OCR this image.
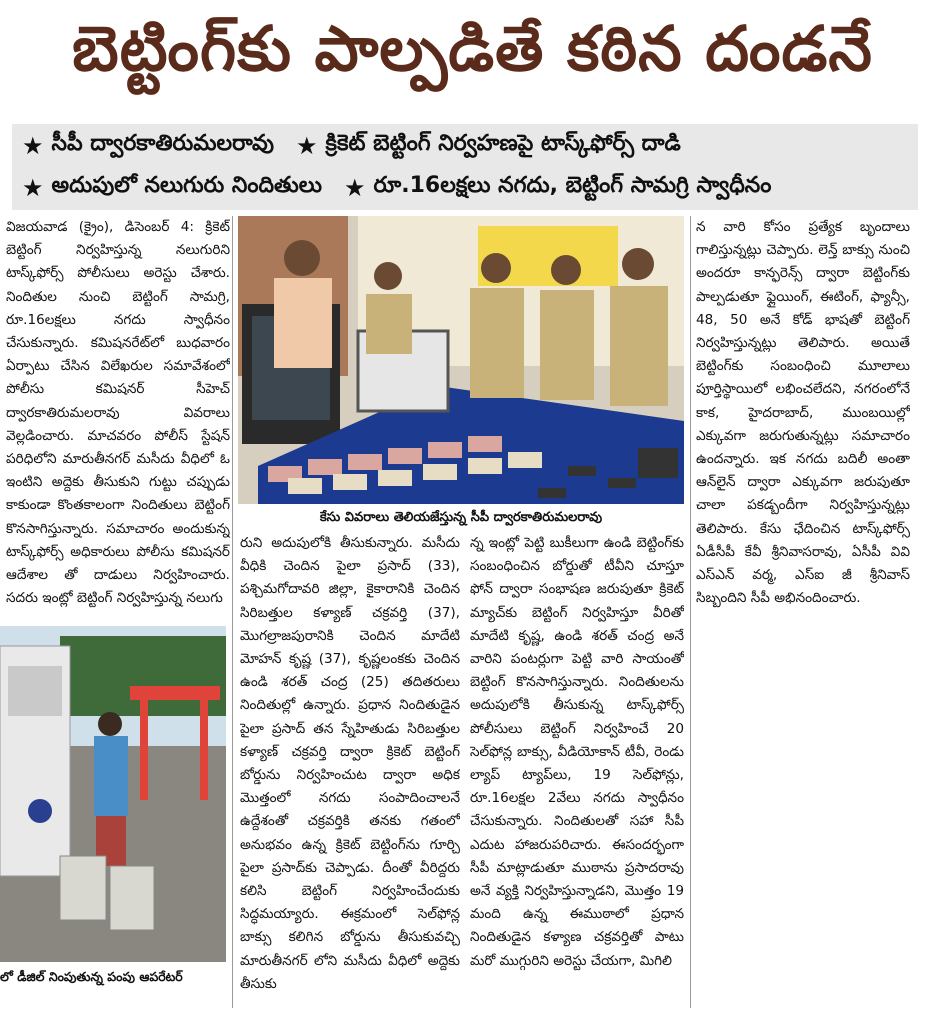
బెట్టింగ్‌కు పాల్పడితే కఠిన దండనే
★ సీపీ ద్వారకాతిరుమలరావు ★ క్రికెట్ బెట్టింగ్ నిర్వహణపై టాస్క్‌ఫోర్స్ దాడి
★ అదుపులో నలుగురు నిందితులు ★ రూ.16లక్షలు నగదు, బెట్టింగ్ సామగ్రి స్వాధీనం
విజయవాడ (క్రైం), డిసెంబర్ 4: క్రికెట్ బెట్టింగ్ నిర్వహిస్తున్న నలుగురిని టాస్క్‌ఫోర్స్ పోలీసులు అరెస్టు చేశారు. నిందితుల నుంచి బెట్టింగ్ సామగ్రి, రూ.16లక్షలు నగదు స్వాధీనం చేసుకున్నారు. కమిషనరేట్‌లో బుధవారం ఏర్పాటు చేసిన విలేఖరుల సమావేశంలో పోలీసు కమిషనర్ సీహెచ్ ద్వారకాతిరుమలరావు వివరాలు వెల్లడించారు. మాచవరం పోలీస్ స్టేషన్ పరిధిలోని మారుతీనగర్ మసీదు వీధిలో ఓ ఇంటిని అద్దెకు తీసుకుని గుట్టు చప్పుడు కాకుండా కొంతకాలంగా నిందితులు బెట్టింగ్ కొనసాగిస్తున్నారు. సమాచారం అందుకున్న టాస్క్‌ఫోర్స్ అధికారులు పోలీసు కమిషనర్ ఆదేశాల తో దాడులు నిర్వహించారు. సదరు ఇంట్లో బెట్టింగ్ నిర్వహిస్తున్న నలుగు
కేసు వివరాలు తెలియజేస్తున్న సీపీ ద్వారకాతిరుమలరావు
రుని అదుపులోకి తీసుకున్నారు. మసీదు వీధికి చెందిన పైలా ప్రసాద్ (33), పశ్చిమగోదావరి జిల్లా, కైకారానికి చెందిన సిరిబత్తుల కళ్యాణ్ చక్రవర్తి (37), మొగల్రాజపురానికి చెందిన మాదేటి మోహన్ కృష్ణ (37), కృష్ణలంకకు చెందిన ఉండి శరత్ చంద్ర (25) తదితరులు నిందితుల్లో ఉన్నారు. ప్రధాన నిందితుడైన పైలా ప్రసాద్ తన స్నేహితుడు సిరిబత్తుల కళ్యాణ్ చక్రవర్తి ద్వారా క్రికెట్ బెట్టింగ్ బోర్డును నిర్వహించుట ద్వారా అధిక మొత్తంలో నగదు సంపాదించాలనే ఉద్దేశంతో చక్రవర్తికి తనకు గతంలో అనుభవం ఉన్న క్రికెట్ బెట్టింగ్‌ను గూర్చి పైలా ప్రసాద్‌కు చెప్పాడు. దీంతో వీరిద్దరు కలిసి బెట్టింగ్ నిర్వహించేందుకు సిద్ధమయ్యారు. ఈక్రమంలో సెల్‌ఫోన్ల బాక్సు కలిగిన బోర్డును తీసుకువచ్చి మారుతీనగర్ లోని మసీదు వీధిలో అద్దెకు తీసుకు
న్న ఇంట్లో పెట్టి బుకీలుగా ఉండి బెట్టింగ్‌కు సంబంధించిన బోర్డుతో టీవీని చూస్తూ ఫోన్ ద్వారా సంభాషణ జరుపుతూ క్రికెట్ మ్యాచ్‌కు బెట్టింగ్ నిర్వహిస్తూ వీరితో మాదేటి కృష్ణ, ఉండి శరత్ చంద్ర అనే వారిని పంటర్లుగా పెట్టి వారి సాయంతో బెట్టింగ్ కొనసాగిస్తున్నారు. నిందితులను అదుపులోకి తీసుకున్న టాస్క్‌ఫోర్స్ పోలీసులు బెట్టింగ్ నిర్వహించే 20 సెల్‌ఫోన్ల బాక్సు, వీడియోకాన్ టీవీ, రెండు ల్యాప్ ట్యాప్‌లు, 19 సెల్‌ఫోన్లు, రూ.16లక్షల 2వేలు నగదు స్వాధీనం చేసుకున్నారు. నిందితులతో సహా సీపీ ఎదుట హాజరుపరిచారు. ఈసందర్భంగా సీపీ మాట్లాడుతూ ముఠాను ప్రసాదరావు అనే వ్యక్తి నిర్వహిస్తున్నాడని, మొత్తం 19 మంది ఉన్న ఈముఠాలో ప్రధాన నిందితుడైన కళ్యాణ చక్రవర్తితో పాటు మరో ముగ్గురిని అరెస్టు చేయగా, మిగిలి
న వారి కోసం ప్రత్యేక బృందాలు గాలిస్తున్నట్లు చెప్పారు. లెన్త్ బాక్సు నుంచి అందరూ కాన్ఫరెన్స్ ద్వారా బెట్టింగ్‌కు పాల్పడుతూ ఫ్లైయింగ్, ఈటింగ్, ఫ్యాన్సీ, 48, 50 అనే కోడ్ భాషతో బెట్టింగ్ నిర్వహిస్తున్నట్లు తెలిపారు. అయితే బెట్టింగ్‌కు సంబంధించి మూలాలు పూర్తిస్థాయిలో లభించలేదని, నగరంలోనే కాక, హైదరాబాద్, ముంబయిల్లో ఎక్కువగా జరుగుతున్నట్లు సమాచారం ఉందన్నారు. ఇక నగదు బదిలీ అంతా ఆన్‌లైన్ ద్వారా ఎక్కువగా జరుపుతూ చాలా పకడ్బందీగా నిర్వహిస్తున్నట్లు తెలిపారు. కేసు ఛేదించిన టాస్క్‌ఫోర్స్ ఏడీసీపీ కేవీ శ్రీనివాసరావు, ఏసీపీ వివి ఎస్‌ఎన్ వర్మ, ఎస్ఐ జీ శ్రీనివాస్ సిబ్బందిని సీపీ అభినందించారు.
లో డీజిల్ నింపుతున్న పంపు ఆపరేటర్
